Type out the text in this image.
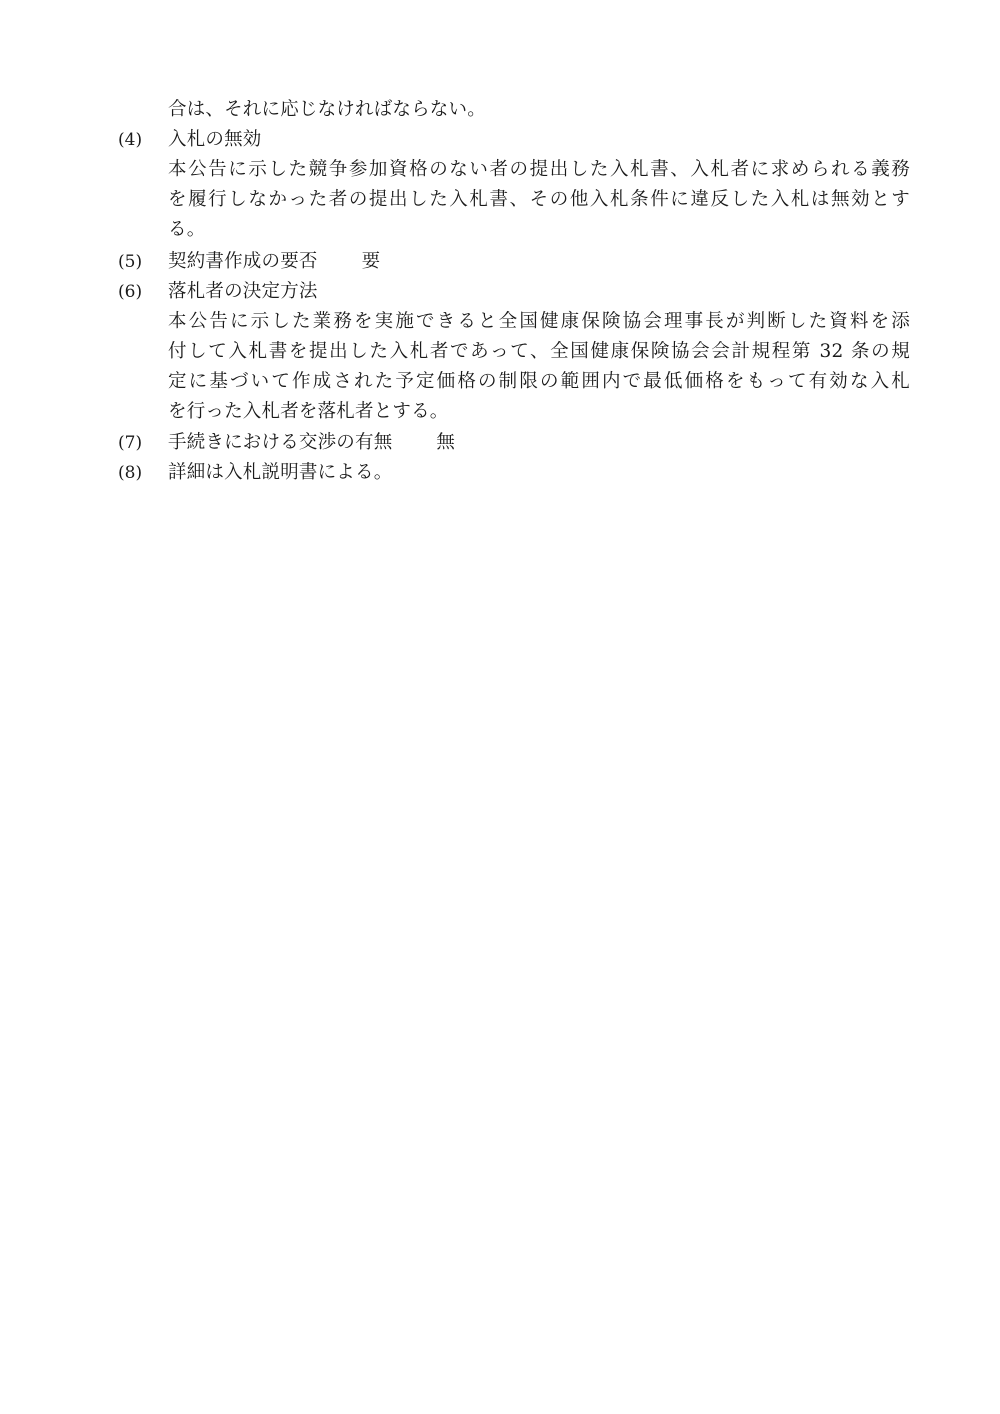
合は、それに応じなければならない。
(4) 入札の無効
本公告に示した競争参加資格のない者の提出した入札書、入札者に求められる義務
を履行しなかった者の提出した入札書、その他入札条件に違反した入札は無効とす
る。
(5) 契約書作成の要否 要
(6) 落札者の決定方法
本公告に示した業務を実施できると全国健康保険協会理事長が判断した資料を添
付して入札書を提出した入札者であって、全国健康保険協会会計規程第 32 条の規
定に基づいて作成された予定価格の制限の範囲内で最低価格をもって有効な入札
を行った入札者を落札者とする。
(7) 手続きにおける交渉の有無 無
(8) 詳細は入札説明書による。
